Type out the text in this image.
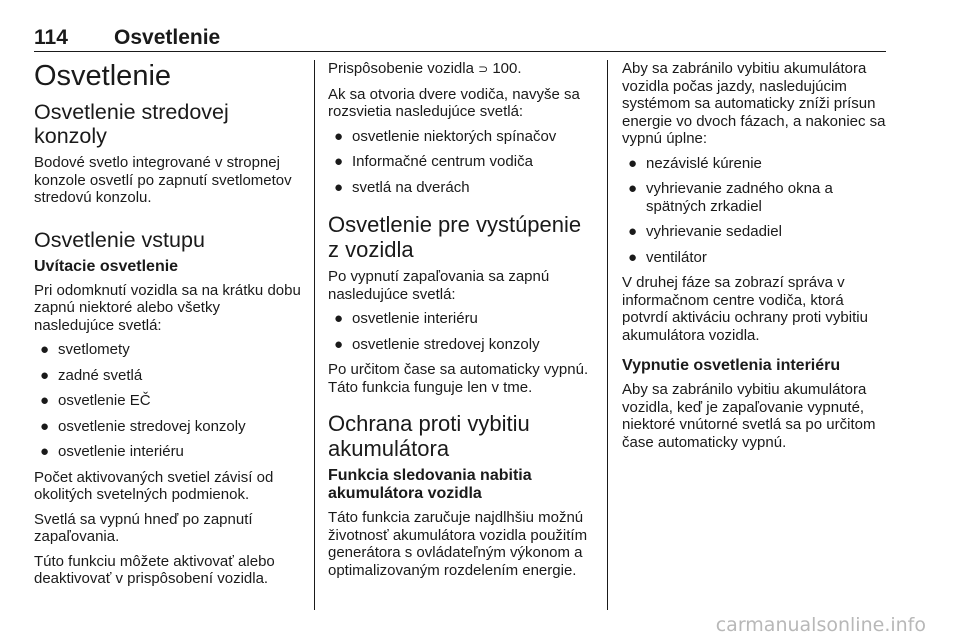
114 Osvetlenie
Osvetlenie
Osvetlenie stredovej konzoly

Bodové svetlo integrované v stropnej konzole osvetlí po zapnutí svetlometov stredovú konzolu.

Osvetlenie vstupu
Uvítacie osvetlenie

Pri odomknutí vozidla sa na krátku dobu zapnú niektoré alebo všetky nasledujúce svetlá:

● svetlomety
● zadné svetlá
● osvetlenie EČ
● osvetlenie stredovej konzoly
● osvetlenie interiéru

Počet aktivovaných svetiel závisí od okolitých svetelných podmienok.

Svetlá sa vypnú hneď po zapnutí zapaľovania.

Túto funkciu môžete aktivovať alebo deaktivovať v prispôsobení vozidla.

Prispôsobenie vozidla ⊃ 100.

Ak sa otvoria dvere vodiča, navyše sa rozsvietia nasledujúce svetlá:

● osvetlenie niektorých spínačov
● Informačné centrum vodiča
● svetlá na dverách
Osvetlenie pre vystúpenie z vozidla

Po vypnutí zapaľovania sa zapnú nasledujúce svetlá:

● osvetlenie interiéru
● osvetlenie stredovej konzoly

Po určitom čase sa automaticky vypnú. Táto funkcia funguje len v tme.

Ochrana proti vybitiu akumulátora
Funkcia sledovania nabitia akumulátora vozidla

Táto funkcia zaručuje najdlhšiu možnú životnosť akumulátora vozidla použitím generátora s ovládateľným výkonom a optimalizovaným rozdelením energie.

Aby sa zabránilo vybitiu akumulátora vozidla počas jazdy, nasledujúcim systémom sa automaticky zníži prísun energie vo dvoch fázach, a nakoniec sa vypnú úplne:

● nezávislé kúrenie
● vyhrievanie zadného okna a spätných zrkadiel
● vyhrievanie sedadiel
● ventilátor

V druhej fáze sa zobrazí správa v informačnom centre vodiča, ktorá potvrdí aktiváciu ochrany proti vybitiu akumulátora vozidla.

Vypnutie osvetlenia interiéru

Aby sa zabránilo vybitiu akumulátora vozidla, keď je zapaľovanie vypnuté, niektoré vnútorné svetlá sa po určitom čase automaticky vypnú.

carmanualsonline.info
